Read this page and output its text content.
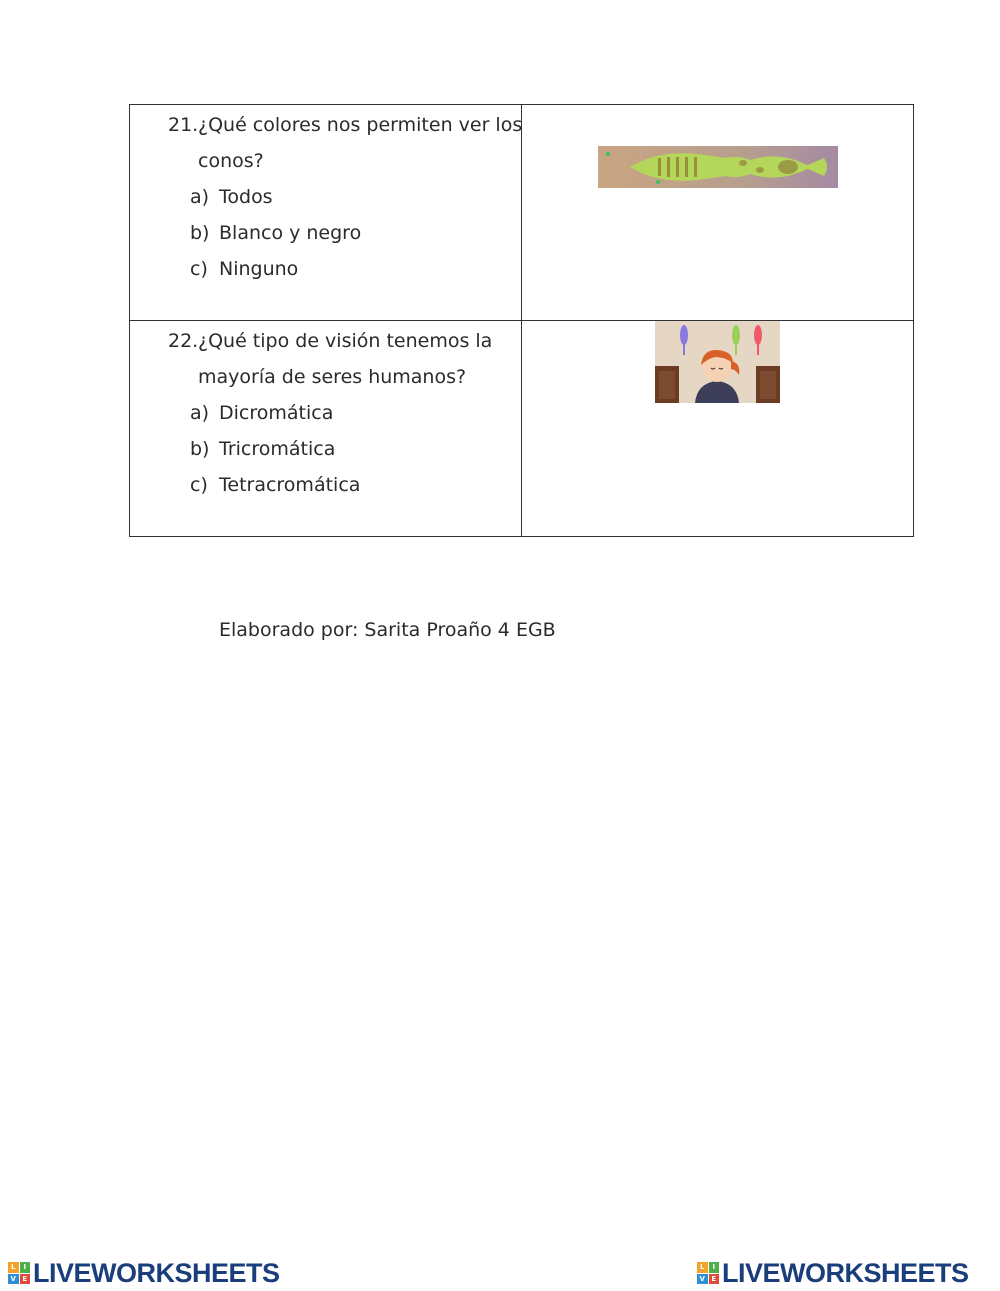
21. ¿Qué colores nos permiten ver los conos?
a) Todos
b) Blanco y negro
c) Ninguno
22. ¿Qué tipo de visión tenemos la mayoría de seres humanos?
a) Dicromática
b) Tricromática
c) Tetracromática
Elaborado por: Sarita Proaño 4 EGB
L	I
V E LIVEWORKSHEETS	L	I
V E LIVEWORKSHEETS
